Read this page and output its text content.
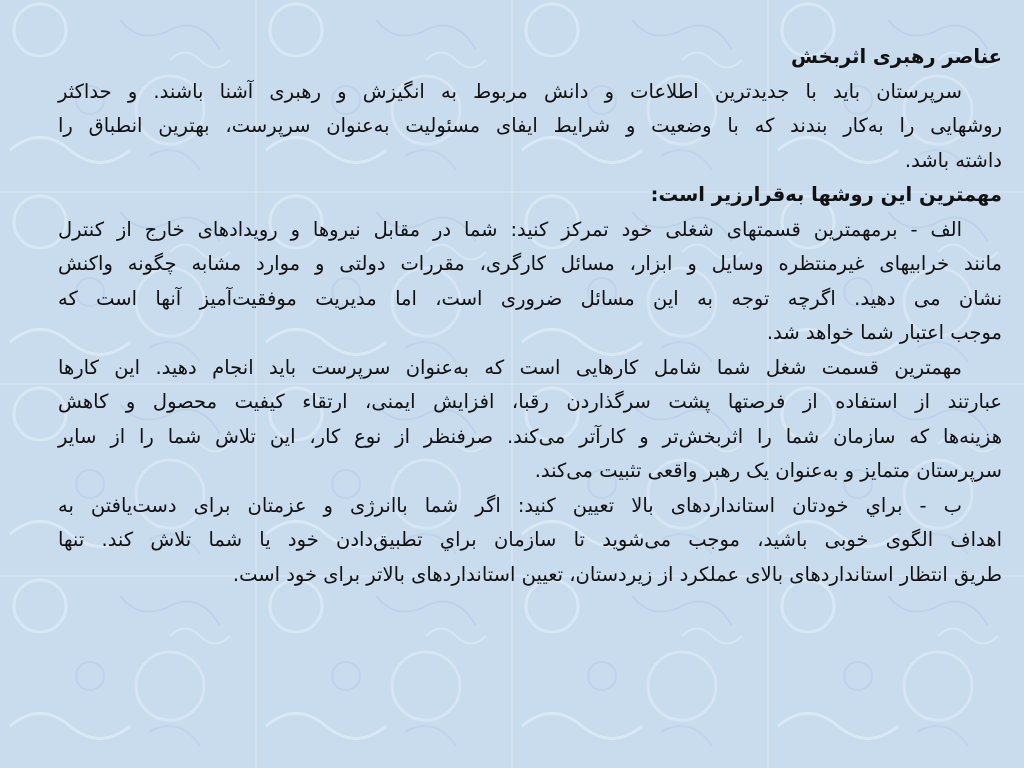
عناصر رهبری اثربخش
سرپرستان باید با جدیدترین اطلاعات و دانش مربوط به انگیزش و رهبری آشنا باشند. و حداکثر
روشهایی را به‌کار بندند که با وضعیت و شرایط ایفای مسئولیت به‌عنوان سرپرست، بهترین انطباق را
داشته باشد.
مهمترین این روشها به‌قرارزیر است:
الف - برمهمترین قسمتهای شغلی خود تمرکز کنید: شما در مقابل نیروها و رویدادهای خارج از کنترل
مانند خرابیهای غیرمنتظره وسایل و ابزار، مسائل کارگری، مقررات دولتی و موارد مشابه چگونه واکنش
نشان می دهید. اگرچه توجه به این مسائل ضروری است، اما مدیریت موفقیت‌آمیز آنها است که
موجب اعتبار شما خواهد شد.
مهمترین قسمت شغل شما شامل کارهایی است که به‌عنوان سرپرست باید انجام دهید. این کارها
عبارتند از استفاده از فرصتها پشت سرگذاردن رقبا، افزایش ایمنی، ارتقاء کیفیت محصول و کاهش
هزینه‌ها که سازمان شما را اثربخش‌تر و کارآتر می‌کند. صرفنظر از نوع کار، این تلاش شما را از سایر
سرپرستان متمایز و به‌عنوان یک رهبر واقعی تثبیت می‌کند.
ب - براي خودتان استانداردهای بالا تعیین کنید: اگر شما باانرژی و عزمتان برای دست‌یافتن به
اهداف الگوی خوبی باشید، موجب می‌شوید تا سازمان براي تطبیق‌دادن خود یا شما تلاش کند. تنها
طریق انتظار استانداردهای بالای عملکرد از زیردستان، تعیین استانداردهای بالاتر برای خود است.
